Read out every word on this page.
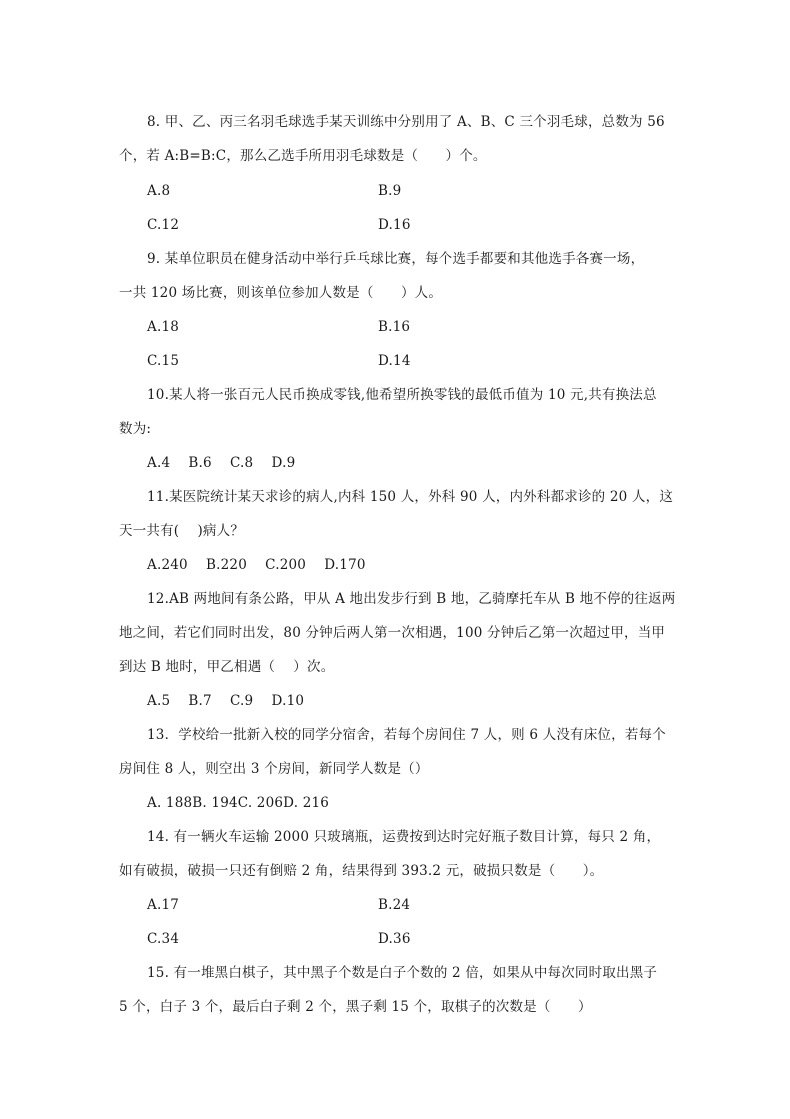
8. 甲、乙、丙三名羽毛球选手某天训练中分别用了 A、B、C 三个羽毛球，总数为 56
个，若 A:B=B:C，那么乙选手所用羽毛球数是（　　）个。
A.8	B.9
C.12	D.16
9. 某单位职员在健身活动中举行乒乓球比赛，每个选手都要和其他选手各赛一场，
一共 120 场比赛，则该单位参加人数是（　　）人。
A.18	B.16
C.15	D.14
10.某人将一张百元人民币换成零钱,他希望所换零钱的最低币值为 10 元,共有换法总
数为:
A.4　 B.6　 C.8　 D.9
11.某医院统计某天求诊的病人,内科 150 人，外科 90 人，内外科都求诊的 20 人，这
天一共有(　 )病人？
A.240　 B.220　 C.200　 D.170
12.AB 两地间有条公路，甲从 A 地出发步行到 B 地，乙骑摩托车从 B 地不停的往返两
地之间，若它们同时出发，80 分钟后两人第一次相遇，100 分钟后乙第一次超过甲，当甲
到达 B 地时，甲乙相遇（　 ）次。
A.5　 B.7　 C.9　 D.10
13．学校给一批新入校的同学分宿舍，若每个房间住 7 人，则 6 人没有床位，若每个
房间住 8 人，则空出 3 个房间，新同学人数是（）
A. 188B. 194C. 206D. 216
14. 有一辆火车运输 2000 只玻璃瓶，运费按到达时完好瓶子数目计算，每只 2 角，
如有破损，破损一只还有倒赔 2 角，结果得到 393.2 元，破损只数是（　　）。
A.17	B.24
C.34	D.36
15. 有一堆黑白棋子，其中黑子个数是白子个数的 2 倍，如果从中每次同时取出黑子
5 个，白子 3 个，最后白子剩 2 个，黑子剩 15 个，取棋子的次数是（　　）
